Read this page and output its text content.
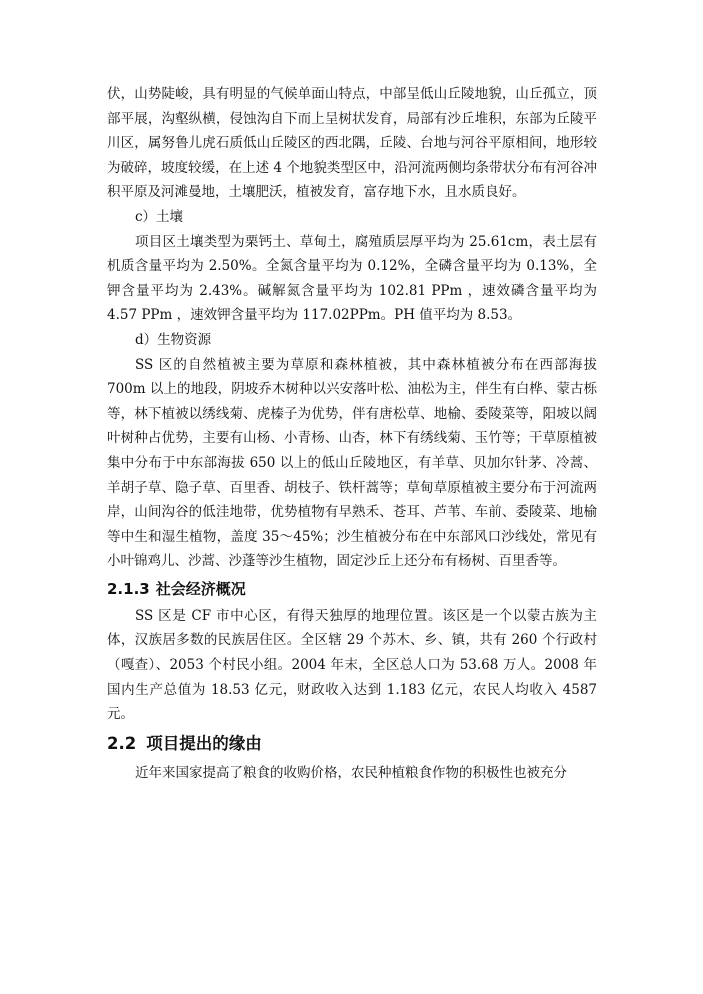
伏，山势陡峻，具有明显的气候单面山特点，中部呈低山丘陵地貌，山丘孤立，顶部平展，沟壑纵横，侵蚀沟自下而上呈树状发育，局部有沙丘堆积，东部为丘陵平川区，属努鲁儿虎石质低山丘陵区的西北隅，丘陵、台地与河谷平原相间，地形较为破碎，坡度较缓，在上述 4 个地貌类型区中，沿河流两侧均条带状分布有河谷冲积平原及河滩曼地，土壤肥沃，植被发育，富存地下水，且水质良好。

c）土壤

项目区土壤类型为栗钙土、草甸土，腐殖质层厚平均为 25.61cm，表土层有机质含量平均为 2.50%。全氮含量平均为 0.12%，全磷含量平均为 0.13%，全钾含量平均为 2.43%。碱解氮含量平均为 102.81 PPm ，速效磷含量平均为 4.57 PPm ，速效钾含量平均为 117.02PPm。PH 值平均为 8.53。

d）生物资源

SS 区的自然植被主要为草原和森林植被，其中森林植被分布在西部海拔 700m 以上的地段，阴坡乔木树种以兴安落叶松、油松为主，伴生有白桦、蒙古栎等，林下植被以绣线菊、虎榛子为优势，伴有唐松草、地榆、委陵菜等，阳坡以阔叶树种占优势，主要有山杨、小青杨、山杏，林下有绣线菊、玉竹等；干草原植被集中分布于中东部海拔 650 以上的低山丘陵地区，有羊草、贝加尔针茅、冷蒿、羊胡子草、隐子草、百里香、胡枝子、铁杆蒿等；草甸草原植被主要分布于河流两岸，山间沟谷的低洼地带，优势植物有早熟禾、苍耳、芦苇、车前、委陵菜、地榆等中生和湿生植物，盖度 35～45%；沙生植被分布在中东部风口沙线处，常见有小叶锦鸡儿、沙蒿、沙蓬等沙生植物，固定沙丘上还分布有杨树、百里香等。

2.1.3 社会经济概况

SS 区是 CF 市中心区，有得天独厚的地理位置。该区是一个以蒙古族为主体，汉族居多数的民族居住区。全区辖 29 个苏木、乡、镇，共有 260 个行政村（嘎查）、2053 个村民小组。2004 年末，全区总人口为 53.68 万人。2008 年国内生产总值为 18.53 亿元，财政收入达到 1.183 亿元，农民人均收入 4587 元。

2.2 项目提出的缘由

近年来国家提高了粮食的收购价格，农民种植粮食作物的积极性也被充分
